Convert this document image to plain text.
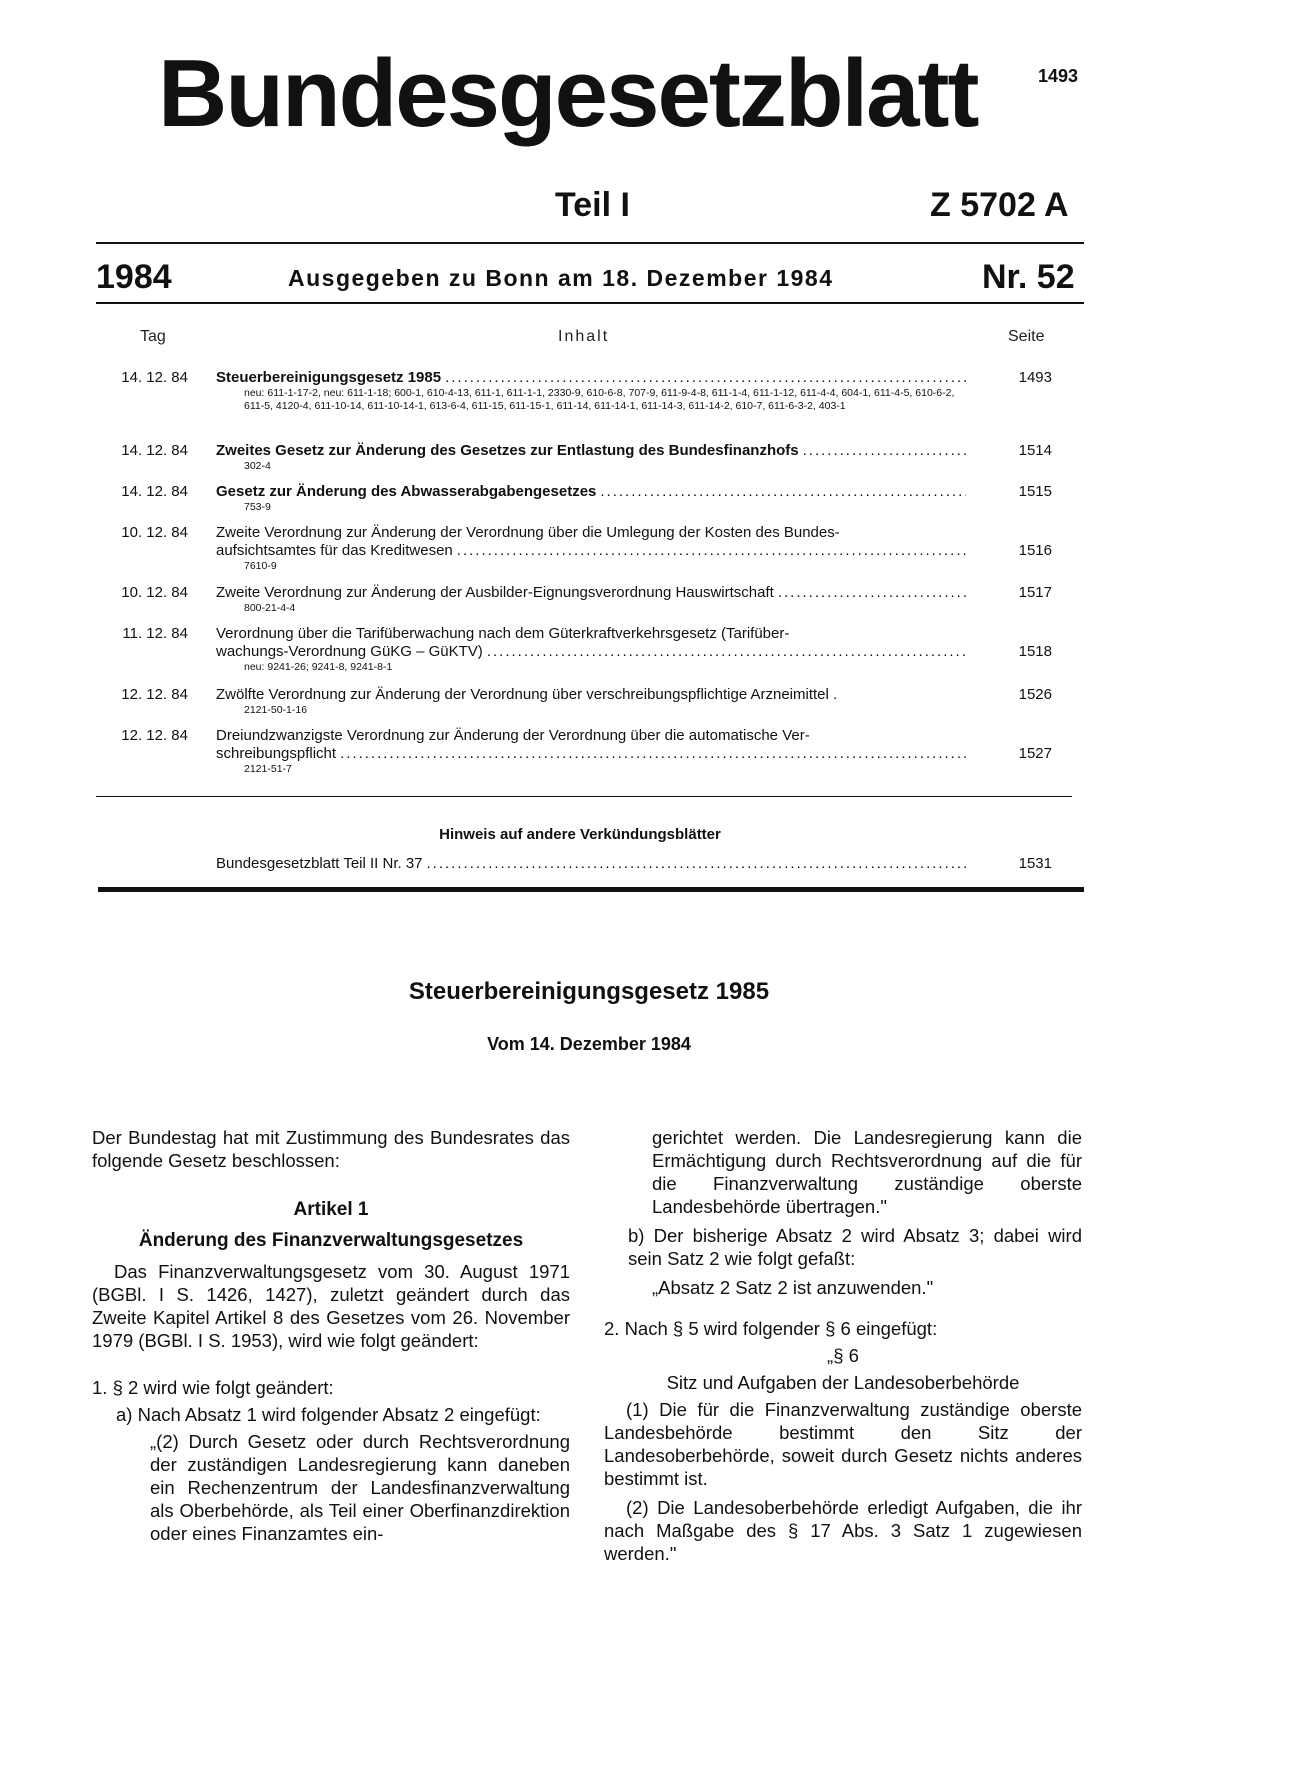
Bundesgesetzblatt	1493
Teil I	Z 5702 A
1984	Ausgegeben zu Bonn am 18. Dezember 1984	Nr. 52
Tag	Inhalt	Seite
14. 12. 84 Steuerbereinigungsgesetz 1985
.....
neu: 611-1-17-2, neu: 611-1-18; 600-1, 610-4-13, 611-1, 611-1-1, 2330-9, 610-6-8, 707-9, 611-9-4-8, 611-1-4, 611-1-12, 611-4-4, 604-1, 611-4-5, 610-6-2, 611-5, 4120-4, 611-10-14, 611-10-14-1, 613-6-4, 611-15, 611-15-1, 611-14, 611-14-1, 611-14-3, 611-14-2, 610-7, 611-6-3-2, 403-1
1493
14. 12. 84 Zweites Gesetz zur Änderung des Gesetzes zur Entlastung des Bundesfinanzhofs
.....
302-4
1514
14. 12. 84 Gesetz zur Änderung des Abwasserabgabengesetzes
.....
753-9
1515
10. 12. 84 Zweite Verordnung zur Änderung der Verordnung über die Umlegung der Kosten des Bundes-
aufsichtsamtes für das Kreditwesen
.....
7610-9
1516
10. 12. 84 Zweite Verordnung zur Änderung der Ausbilder-Eignungsverordnung Hauswirtschaft
.....
800-21-4-4
1517
11. 12. 84 Verordnung über die Tarifüberwachung nach dem Güterkraftverkehrsgesetz (Tarifüber-
wachungs-Verordnung GüKG – GüKTV)
.....
neu: 9241-26; 9241-8, 9241-8-1
1518
12. 12. 84 Zwölfte Verordnung zur Änderung der Verordnung über verschreibungspflichtige Arzneimittel .
2121-50-1-16
1526
12. 12. 84 Dreiundzwanzigste Verordnung zur Änderung der Verordnung über die automatische Ver-
schreibungspflicht
.....
2121-51-7
1527
Hinweis auf andere Verkündungsblätter
Bundesgesetzblatt Teil II Nr. 37
.....	1531
Steuerbereinigungsgesetz 1985
Vom 14. Dezember 1984

Der Bundestag hat mit Zustimmung des Bundesrates das folgende Gesetz beschlossen:

Artikel 1

Änderung des Finanzverwaltungsgesetzes

Das Finanzverwaltungsgesetz vom 30. August 1971 (BGBl. I S. 1426, 1427), zuletzt geändert durch das Zweite Kapitel Artikel 8 des Gesetzes vom 26. November 1979 (BGBl. I S. 1953), wird wie folgt geändert:

1. § 2 wird wie folgt geändert:

a) Nach Absatz 1 wird folgender Absatz 2 eingefügt:

„(2) Durch Gesetz oder durch Rechtsverordnung der zuständigen Landesregierung kann daneben ein Rechenzentrum der Landesfinanzverwaltung als Oberbehörde, als Teil einer Oberfinanzdirektion oder eines Finanzamtes ein-

gerichtet werden. Die Landesregierung kann die Ermächtigung durch Rechtsverordnung auf die für die Finanzverwaltung zuständige oberste Landesbehörde übertragen."

b) Der bisherige Absatz 2 wird Absatz 3; dabei wird sein Satz 2 wie folgt gefaßt:

„Absatz 2 Satz 2 ist anzuwenden."

2. Nach § 5 wird folgender § 6 eingefügt:

„§ 6

Sitz und Aufgaben der Landesoberbehörde

(1) Die für die Finanzverwaltung zuständige oberste Landesbehörde bestimmt den Sitz der Landesoberbehörde, soweit durch Gesetz nichts anderes bestimmt ist.

(2) Die Landesoberbehörde erledigt Aufgaben, die ihr nach Maßgabe des § 17 Abs. 3 Satz 1 zugewiesen werden."
